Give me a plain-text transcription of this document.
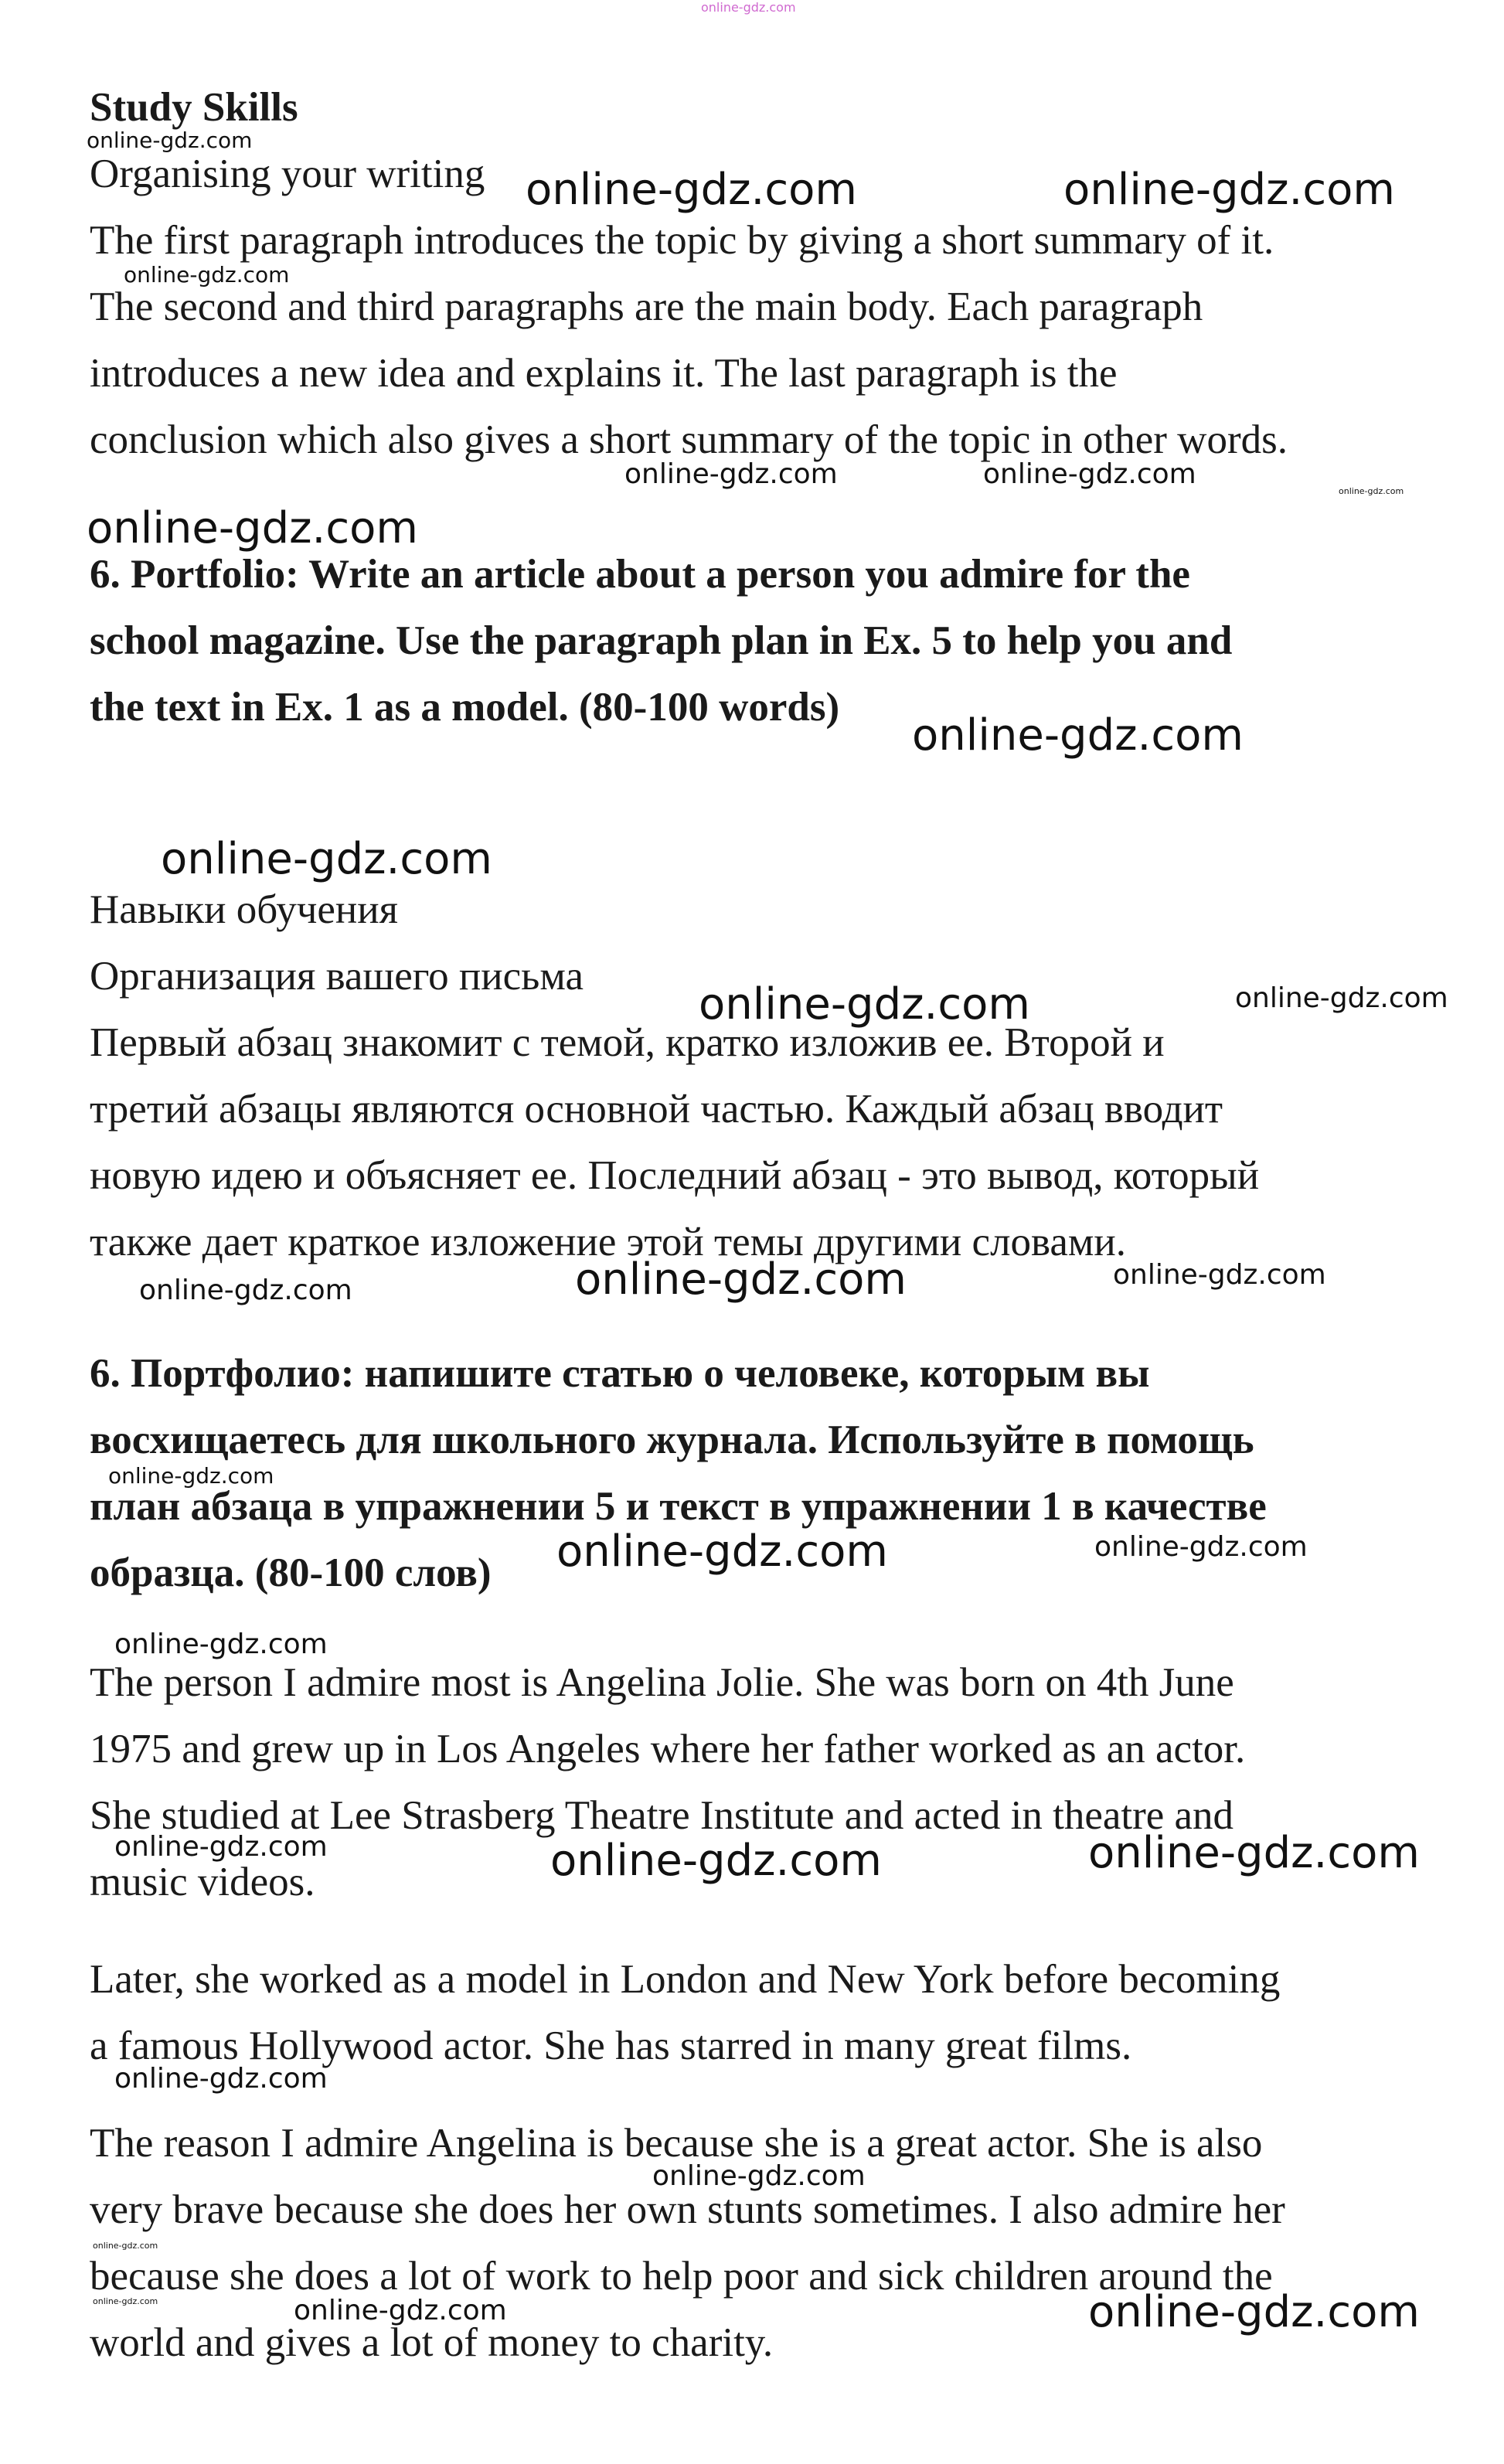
Study Skills

Organising your writing

The first paragraph introduces the topic by giving a short summary of it.

The second and third paragraphs are the main body. Each paragraph

introduces a new idea and explains it. The last paragraph is the

conclusion which also gives a short summary of the topic in other words.

6. Portfolio: Write an article about a person you admire for the

school magazine. Use the paragraph plan in Ex. 5 to help you and

the text in Ex. 1 as a model. (80-100 words)

Навыки обучения

Организация вашего письма

Первый абзац знакомит с темой, кратко изложив ее. Второй и

третий абзацы являются основной частью. Каждый абзац вводит

новую идею и объясняет ее. Последний абзац - это вывод, который

также дает краткое изложение этой темы другими словами.

6. Портфолио: напишите статью о человеке, которым вы

восхищаетесь для школьного журнала. Используйте в помощь

план абзаца в упражнении 5 и текст в упражнении 1 в качестве

образца. (80-100 слов)

The person I admire most is Angelina Jolie. She was born on 4th June

1975 and grew up in Los Angeles where her father worked as an actor.

She studied at Lee Strasberg Theatre Institute and acted in theatre and

music videos.

Later, she worked as a model in London and New York before becoming

a famous Hollywood actor. She has starred in many great films.

The reason I admire Angelina is because she is a great actor. She is also

very brave because she does her own stunts sometimes. I also admire her

because she does a lot of work to help poor and sick children around the

world and gives a lot of money to charity.

online-gdz.com
online-gdz.com
online-gdz.com	online-gdz.com
online-gdz.com
online-gdz.com	online-gdz.com
online-gdz.com
online-gdz.com
online-gdz.com
online-gdz.com
online-gdz.com	online-gdz.com
online-gdz.com	online-gdz.com	online-gdz.com
online-gdz.com
online-gdz.com	online-gdz.com
online-gdz.com
online-gdz.com	online-gdz.com	online-gdz.com
online-gdz.com
online-gdz.com
online-gdz.com
online-gdz.com	online-gdz.com	online-gdz.com
